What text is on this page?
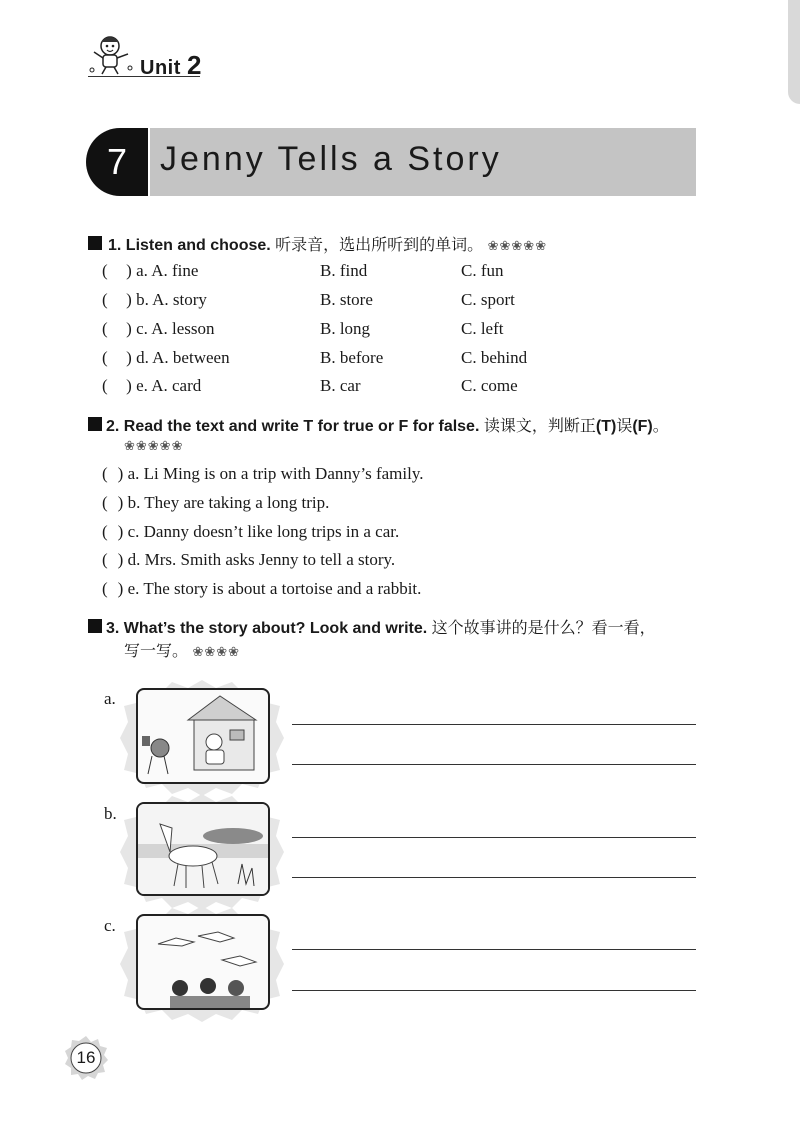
Unit 2
7 Jenny Tells a Story
1. Listen and choose. 听录音，选出所听到的单词。 ❀❀❀❀❀
( ) a. A. fine	B. find	C. fun
( ) b. A. story	B. store	C. sport
( ) c. A. lesson	B. long	C. left
( ) d. A. between	B. before	C. behind
( ) e. A. card	B. car	C. come
2. Read the text and write T for true or F for false. 读课文，判断正(T)误(F)。
❀❀❀❀❀
( ) a. Li Ming is on a trip with Danny’s family.
( ) b. They are taking a long trip.
( ) c. Danny doesn’t like long trips in a car.
( ) d. Mrs. Smith asks Jenny to tell a story.
( ) e. The story is about a tortoise and a rabbit.
3. What’s the story about? Look and write. 这个故事讲的是什么？看一看，
写一写。 ❀❀❀❀
a.
b.
c.
16
